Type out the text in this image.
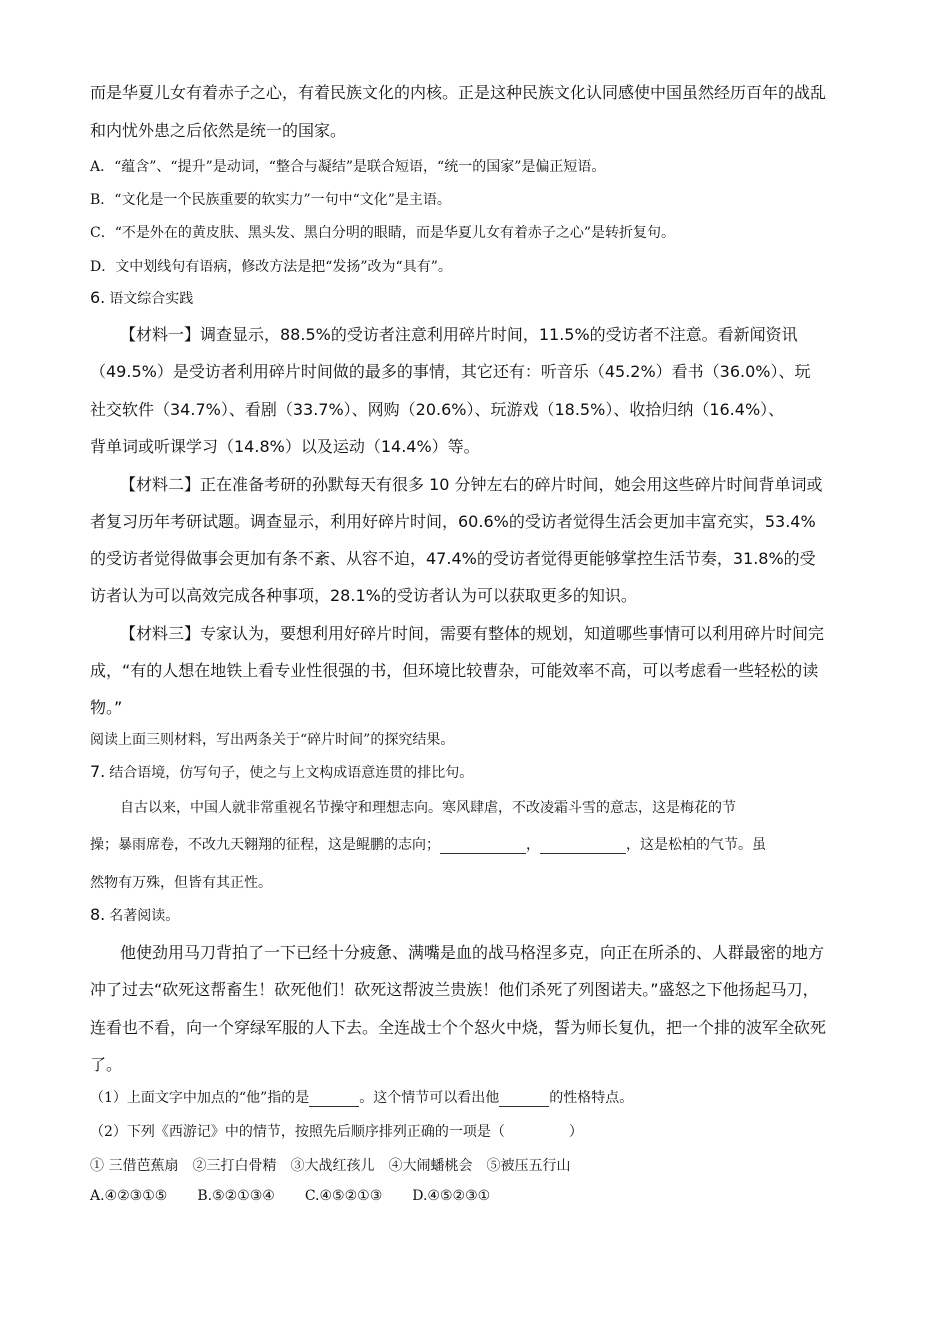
而是华夏儿女有着赤子之心，有着民族文化的内核。正是这种民族文化认同感使中国虽然经历百年的战乱
和内忧外患之后依然是统一的国家。
A．“蕴含”、“提升”是动词，“整合与凝结”是联合短语，“统一的国家”是偏正短语。
B．“文化是一个民族重要的软实力”一句中“文化”是主语。
C．“不是外在的黄皮肤、黑头发、黑白分明的眼睛，而是华夏儿女有着赤子之心”是转折复句。
D．文中划线句有语病，修改方法是把“发扬”改为“具有”。
6. 语文综合实践
【材料一】调查显示，88.5%的受访者注意利用碎片时间，11.5%的受访者不注意。看新闻资讯
（49.5%）是受访者利用碎片时间做的最多的事情，其它还有：听音乐（45.2%）看书（36.0%）、玩
社交软件（34.7%）、看剧（33.7%）、网购（20.6%）、玩游戏（18.5%）、收拾归纳（16.4%）、
背单词或听课学习（14.8%）以及运动（14.4%）等。
【材料二】正在准备考研的孙默每天有很多 10 分钟左右的碎片时间，她会用这些碎片时间背单词或
者复习历年考研试题。调查显示，利用好碎片时间，60.6%的受访者觉得生活会更加丰富充实，53.4%
的受访者觉得做事会更加有条不紊、从容不迫，47.4%的受访者觉得更能够掌控生活节奏，31.8%的受
访者认为可以高效完成各种事项，28.1%的受访者认为可以获取更多的知识。
【材料三】专家认为，要想利用好碎片时间，需要有整体的规划，知道哪些事情可以利用碎片时间完
成，“有的人想在地铁上看专业性很强的书，但环境比较曹杂，可能效率不高，可以考虑看一些轻松的读
物。”
阅读上面三则材料，写出两条关于“碎片时间”的探究结果。
7. 结合语境，仿写句子，使之与上文构成语意连贯的排比句。
自古以来，中国人就非常重视名节操守和理想志向。寒风肆虐，不改凌霜斗雪的意志，这是梅花的节
操；暴雨席卷，不改九天翱翔的征程，这是鲲鹏的志向；	，	，这是松柏的气节。虽
然物有万殊，但皆有其正性。
8. 名著阅读。
他使劲用马刀背拍了一下已经十分疲惫、满嘴是血的战马格涅多克，向正在所杀的、人群最密的地方
冲了过去“砍死这帮畜生！砍死他们！砍死这帮波兰贵族！他们杀死了列图诺夫。”盛怒之下他扬起马刀，
连看也不看，向一个穿绿军服的人下去。全连战士个个怒火中烧，誓为师长复仇，把一个排的波军全砍死
了。
（1）上面文字中加点的“他”指的是	。这个情节可以看出他	的性格特点。
（2）下列《西游记》中的情节，按照先后顺序排列正确的一项是（	）
① 三借芭蕉扇　②三打白骨精　③大战红孩儿　④大闹蟠桃会　⑤被压五行山
A.④②③①⑤ B.⑤②①③④ C.④⑤②①③ D.④⑤②③①
